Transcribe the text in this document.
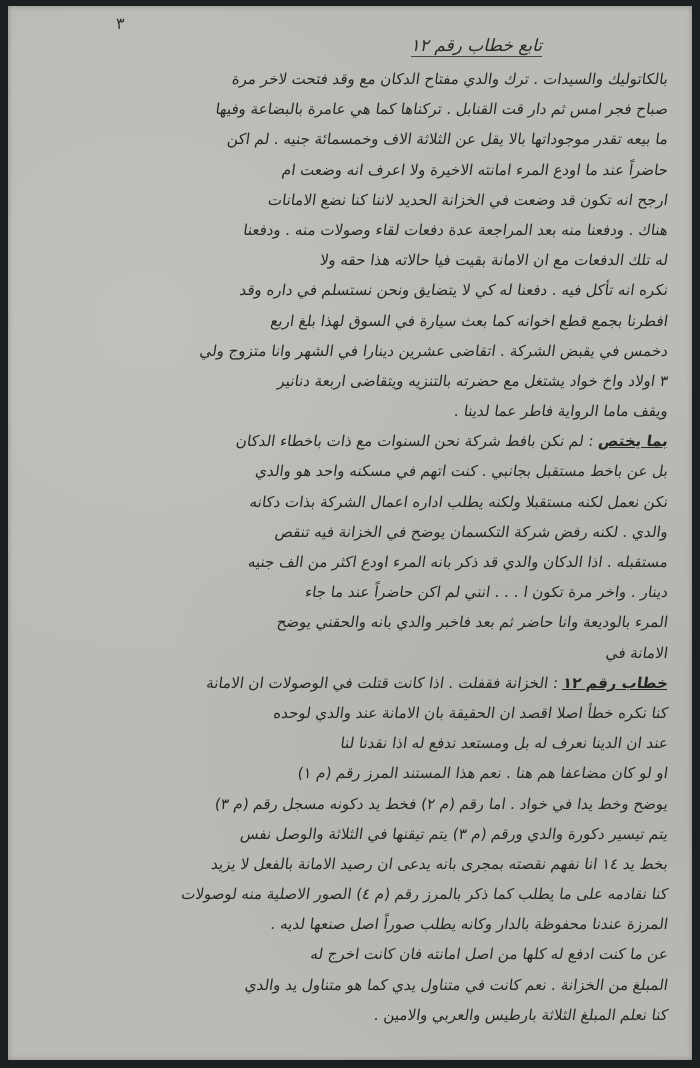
٣
تابع خطاب رقم ١٢
بالكاتوليك والسيدات . ترك والدي مفتاح الدكان مع وقد فتحت لاخر مرة
صباح فجر امس ثم دار قت القنابل . تركناها كما هي عامرة بالبضاعة وفيها
ما بيعه تقدر موجوداتها بالا يقل عن الثلاثة الاف وخمسمائة جنيه . لم اكن
حاضراً عند ما اودع المرء امانته الاخيرة ولا اعرف انه وضعت ام
ارجح انه تكون قد وضعت في الخزانة الحديد لاننا كنا نضع الامانات
هناك . ودفعنا منه بعد المراجعة عدة دفعات لقاء وصولات منه . ودفعنا
له تلك الدفعات مع ان الامانة بقيت فيا حالاته هذا حقه ولا
نكره انه تأكل فيه . دفعنا له كي لا يتضايق ونحن نستسلم في داره وقد
افطرنا بجمع قطع اخوانه كما بعث سيارة في السوق لهذا بلغ اربع
دخمس في يقبض الشركة . اتقاضى عشرين دينارا في الشهر وانا متزوج ولي
٣ اولاد واخ خواد يشتغل مع حضرته بالتنزيه ويتقاضى اربعة دنانير
ويقف ماما الرواية فاطر عما لدينا .
بما يختص : لم نكن بافط شركة نحن السنوات مع ذات باخطاء الدكان
بل عن باخط مستقبل بجانبي . كنت اتهم في مسكنه واحد هو والدي
نكن نعمل لكنه مستقبلا ولكنه يطلب اداره اعمال الشركة بذات دكانه
والدي . لكنه رفض شركة التكسمان يوضح في الخزانة فيه تنقص
مستقبله . اذا الدكان والدي قد ذكر بانه المرء اودع اكثر من الف جنيه
دينار . واخر مرة تكون ا . . . انني لم اكن حاضراً عند ما جاء
المرء بالوديعة وانا حاضر ثم بعد فاخبر والدي بانه والحقني يوضح
الامانة في
خطاب رقم ١٢ : الخزانة فقفلت . اذا كانت قتلت في الوصولات ان الامانة
كنا نكره خطأ اصلا اقصد ان الحقيقة بان الامانة عند والدي لوحده
عند ان الدينا نعرف له بل ومستعد ندفع له اذا نقدنا لنا
او لو كان مضاعفا هم هنا . نعم هذا المستند المرز رقم (م ١)
يوضح وخط يدا في خواد . اما رقم (م ٢) فخط يد دكونه مسجل رقم (م ٣)
يتم تيسير دكورة والدي ورقم (م ٣) يتم تيقنها في الثلاثة والوصل نفس
بخط يد ١٤ انا نفهم نقصته بمجرى بانه يدعى ان رصيد الامانة بالفعل لا يزيد
كنا نقادمه على ما يطلب كما ذكر بالمرز رقم (م ٤) الصور الاصلية منه لوصولات
المرزة عندنا محفوظة بالدار وكانه يطلب صوراً اصل صنعها لديه .
عن ما كنت ادفع له كلها من اصل امانته فان كانت اخرج له
المبلغ من الخزانة . نعم كانت في متناول يدي كما هو متناول يد والدي
كنا نعلم المبلغ الثلاثة بارطيس والعربي والامين .
